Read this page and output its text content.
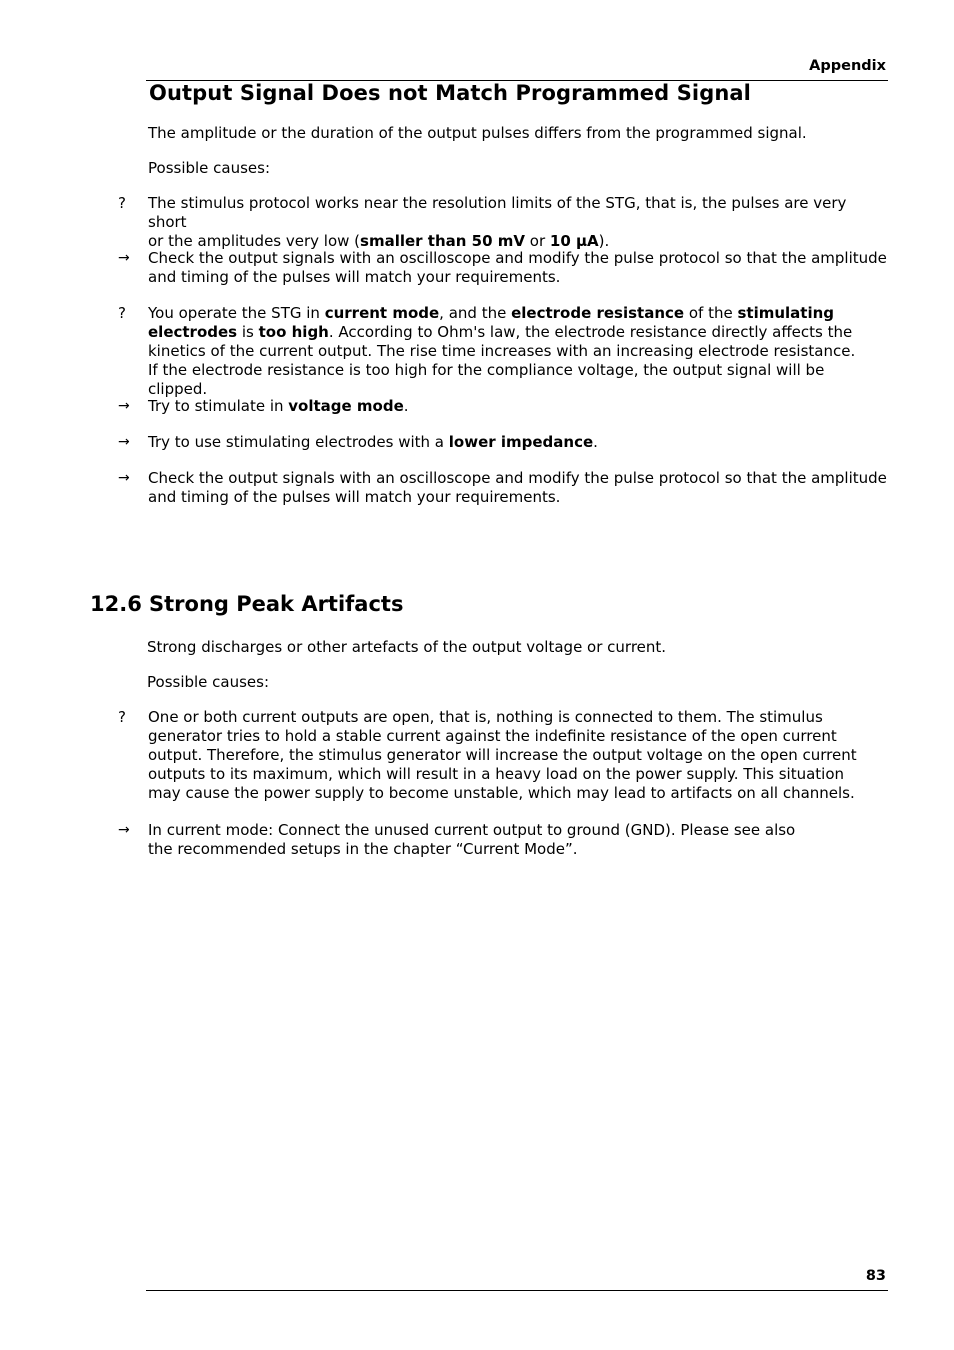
Appendix
Output Signal Does not Match Programmed Signal
The amplitude or the duration of the output pulses differs from the programmed signal.
Possible causes:
?	The stimulus protocol works near the resolution limits of the STG, that is, the pulses are very short
or the amplitudes very low (smaller than 50 mV or 10 µA).
→	Check the output signals with an oscilloscope and modify the pulse protocol so that the amplitude
and timing of the pulses will match your requirements.
?	You operate the STG in current mode, and the electrode resistance of the stimulating
electrodes is too high. According to Ohm's law, the electrode resistance directly affects the
kinetics of the current output. The rise time increases with an increasing electrode resistance.
If the electrode resistance is too high for the compliance voltage, the output signal will be clipped.
→	Try to stimulate in voltage mode.
→	Try to use stimulating electrodes with a lower impedance.
→	Check the output signals with an oscilloscope and modify the pulse protocol so that the amplitude
and timing of the pulses will match your requirements.
12.6 Strong Peak Artifacts
Strong discharges or other artefacts of the output voltage or current.
Possible causes:
?	One or both current outputs are open, that is, nothing is connected to them. The stimulus
generator tries to hold a stable current against the indefinite resistance of the open current
output. Therefore, the stimulus generator will increase the output voltage on the open current
outputs to its maximum, which will result in a heavy load on the power supply. This situation
may cause the power supply to become unstable, which may lead to artifacts on all channels.
→	In current mode: Connect the unused current output to ground (GND). Please see also
the recommended setups in the chapter “Current Mode”.
83
